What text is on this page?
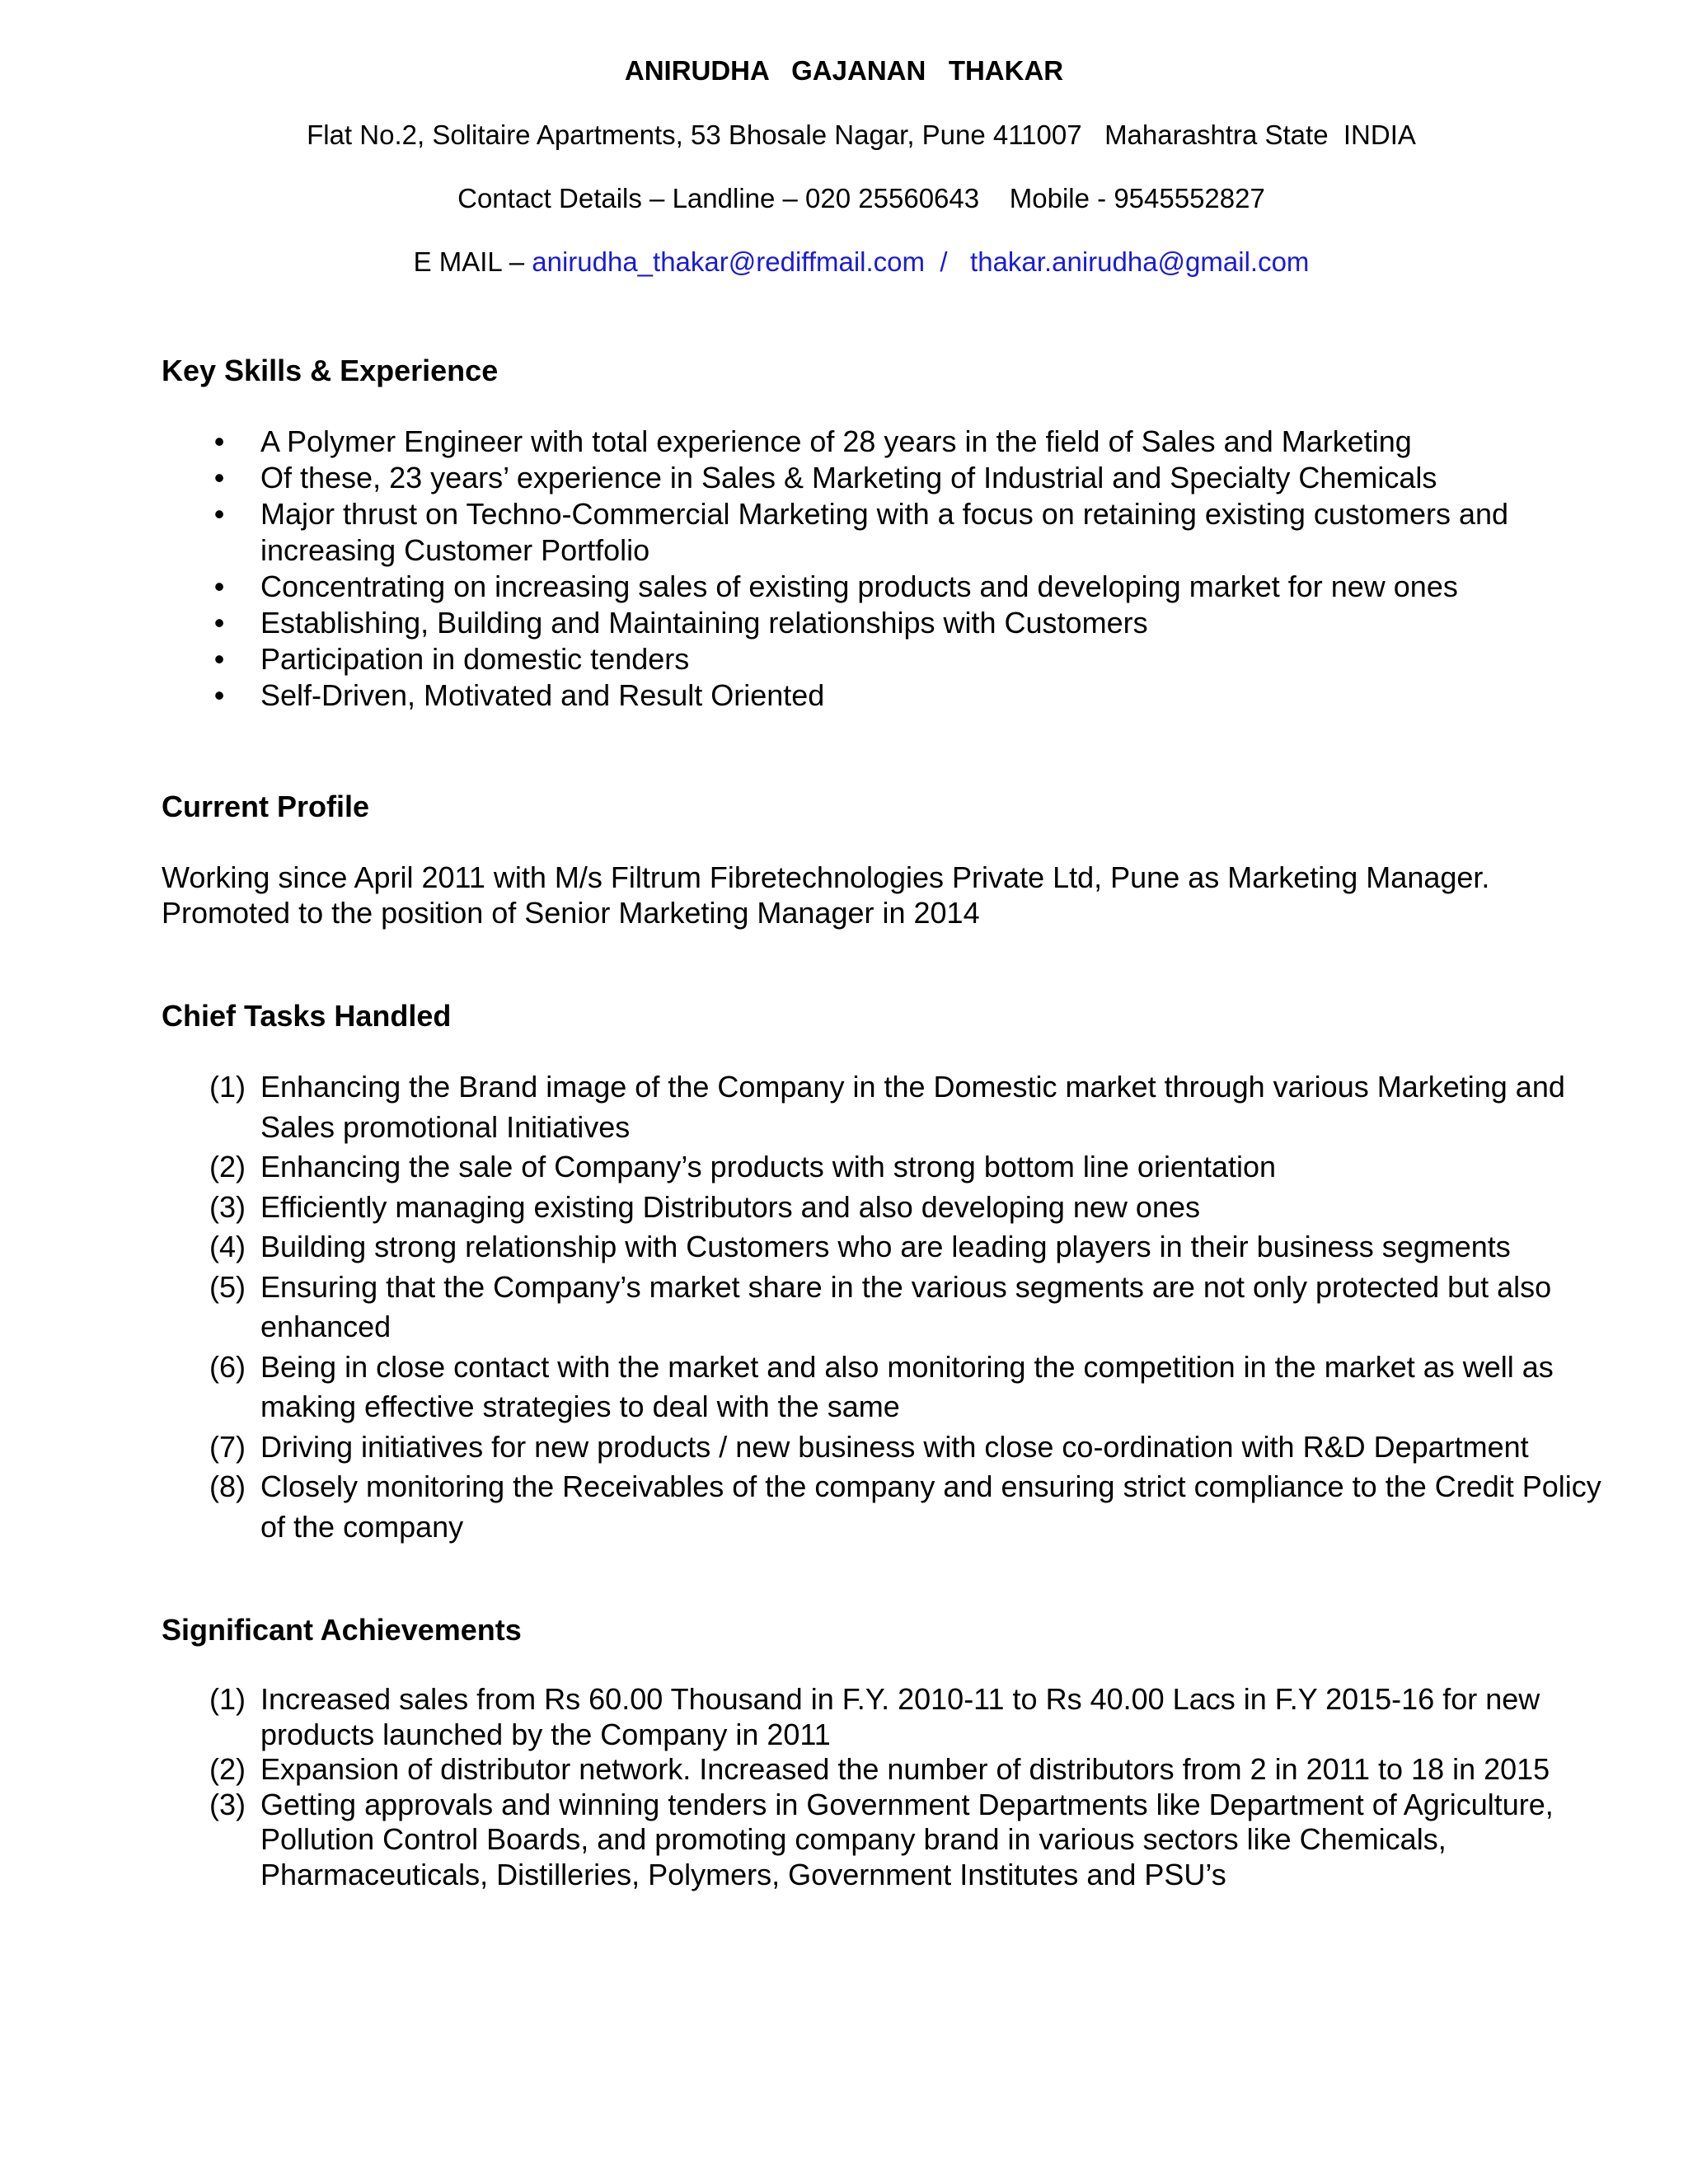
ANIRUDHA   GAJANAN   THAKAR
Flat No.2, Solitaire Apartments, 53 Bhosale Nagar, Pune 411007   Maharashtra State  INDIA
Contact Details – Landline – 020 25560643    Mobile - 9545552827
E MAIL – anirudha_thakar@rediffmail.com  /   thakar.anirudha@gmail.com
Key Skills & Experience
• A Polymer Engineer with total experience of 28 years in the field of Sales and Marketing
• Of these, 23 years’ experience in Sales & Marketing of Industrial and Specialty Chemicals
• Major thrust on Techno-Commercial Marketing with a focus on retaining existing customers and increasing Customer Portfolio
• Concentrating on increasing sales of existing products and developing market for new ones
• Establishing, Building and Maintaining relationships with Customers
• Participation in domestic tenders
• Self-Driven, Motivated and Result Oriented
Current Profile
Working since April 2011 with M/s Filtrum Fibretechnologies Private Ltd, Pune as Marketing Manager.
Promoted to the position of Senior Marketing Manager in 2014
Chief Tasks Handled
(1) Enhancing the Brand image of the Company in the Domestic market through various Marketing and Sales promotional Initiatives
(2) Enhancing the sale of Company’s products with strong bottom line orientation
(3) Efficiently managing existing Distributors and also developing new ones
(4) Building strong relationship with Customers who are leading players in their business segments
(5) Ensuring that the Company’s market share in the various segments are not only protected but also enhanced
(6) Being in close contact with the market and also monitoring the competition in the market as well as making effective strategies to deal with the same
(7) Driving initiatives for new products / new business with close co-ordination with R&D Department
(8) Closely monitoring the Receivables of the company and ensuring strict compliance to the Credit Policy of the company
Significant Achievements
(1) Increased sales from Rs 60.00 Thousand in F.Y. 2010-11 to Rs 40.00 Lacs in F.Y 2015-16 for new products launched by the Company in 2011
(2) Expansion of distributor network. Increased the number of distributors from 2 in 2011 to 18 in 2015
(3) Getting approvals and winning tenders in Government Departments like Department of Agriculture, Pollution Control Boards, and promoting company brand in various sectors like Chemicals, Pharmaceuticals, Distilleries, Polymers, Government Institutes and PSU’s
